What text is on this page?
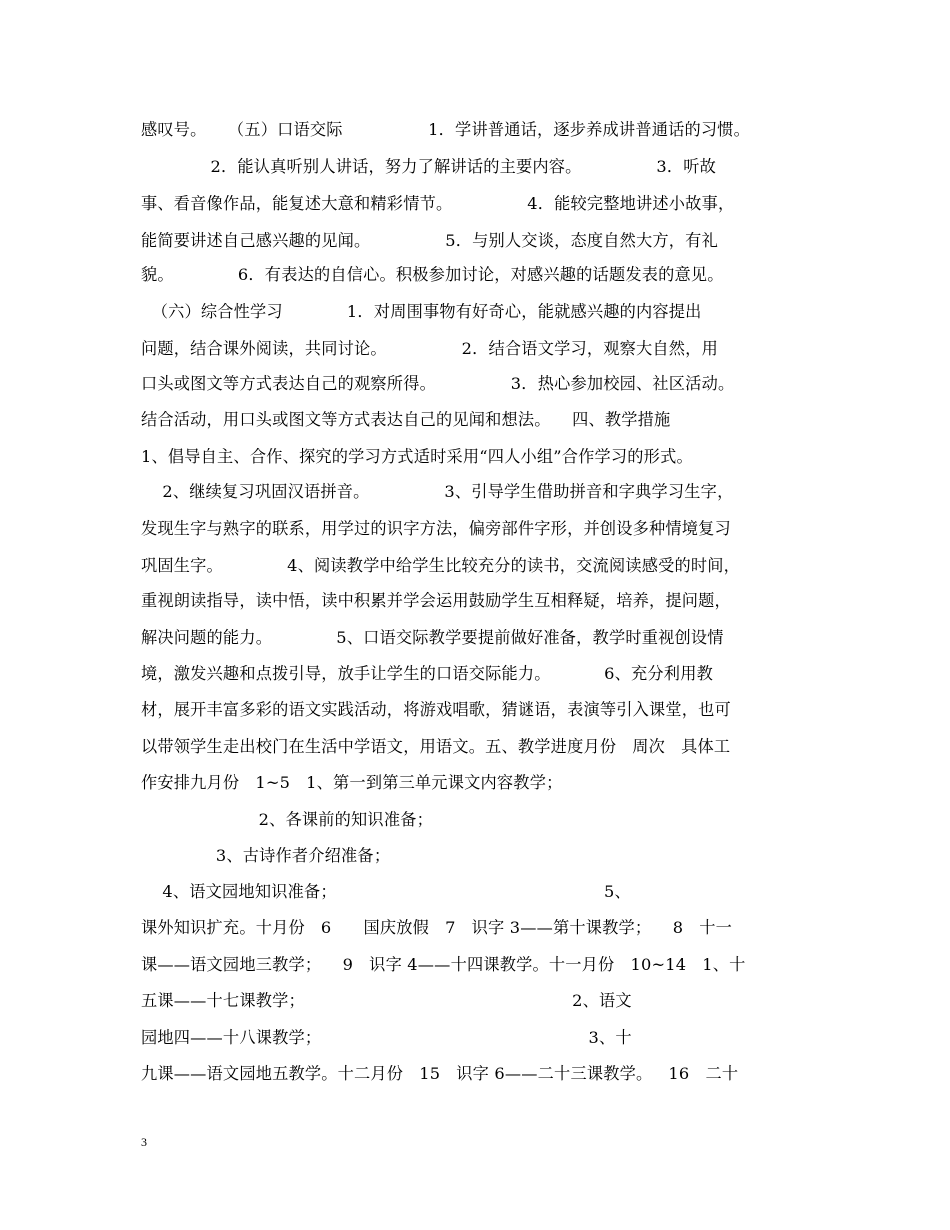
感叹号。    （五）口语交际                1．学讲普通话，逐步养成讲普通话的习惯。
2．能认真听别人讲话，努力了解讲话的主要内容。              3．听故
事、看音像作品，能复述大意和精彩情节。              4．能较完整地讲述小故事，
能简要讲述自己感兴趣的见闻。              5．与别人交谈，态度自然大方，有礼
貌。            6．有表达的自信心。积极参加讨论，对感兴趣的话题发表的意见。
（六）综合性学习            1．对周围事物有好奇心，能就感兴趣的内容提出
问题，结合课外阅读，共同讨论。              2．结合语文学习，观察大自然，用
口头或图文等方式表达自己的观察所得。              3．热心参加校园、社区活动。
结合活动，用口头或图文等方式表达自己的见闻和想法。    四、教学措施
1、倡导自主、合作、探究的学习方式适时采用“四人小组”合作学习的形式。
2、继续复习巩固汉语拼音。              3、引导学生借助拼音和字典学习生字，
发现生字与熟字的联系，用学过的识字方法，偏旁部件字形，并创设多种情境复习
巩固生字。            4、阅读教学中给学生比较充分的读书，交流阅读感受的时间，
重视朗读指导，读中悟，读中积累并学会运用鼓励学生互相释疑，培养，提问题，
解决问题的能力。            5、口语交际教学要提前做好准备，教学时重视创设情
境，激发兴趣和点拨引导，放手让学生的口语交际能力。          6、充分利用教
材，展开丰富多彩的语文实践活动，将游戏唱歌，猜谜语，表演等引入课堂，也可
以带领学生走出校门在生活中学语文，用语文。五、教学进度月份   周次   具体工
作安排九月份   1~5   1、第一到第三单元课文内容教学；
2、各课前的知识准备；
3、古诗作者介绍准备；
4、语文园地知识准备；                                                  5、
课外知识扩充。十月份   6      国庆放假   7   识字 3——第十课教学；    8   十一
课——语文园地三教学；    9   识字 4——十四课教学。十一月份   10~14   1、十
五课——十七课教学；                                                  2、语文
园地四——十八课教学；                                                  3、十
九课——语文园地五教学。十二月份   15   识字 6——二十三课教学。   16   二十
3
